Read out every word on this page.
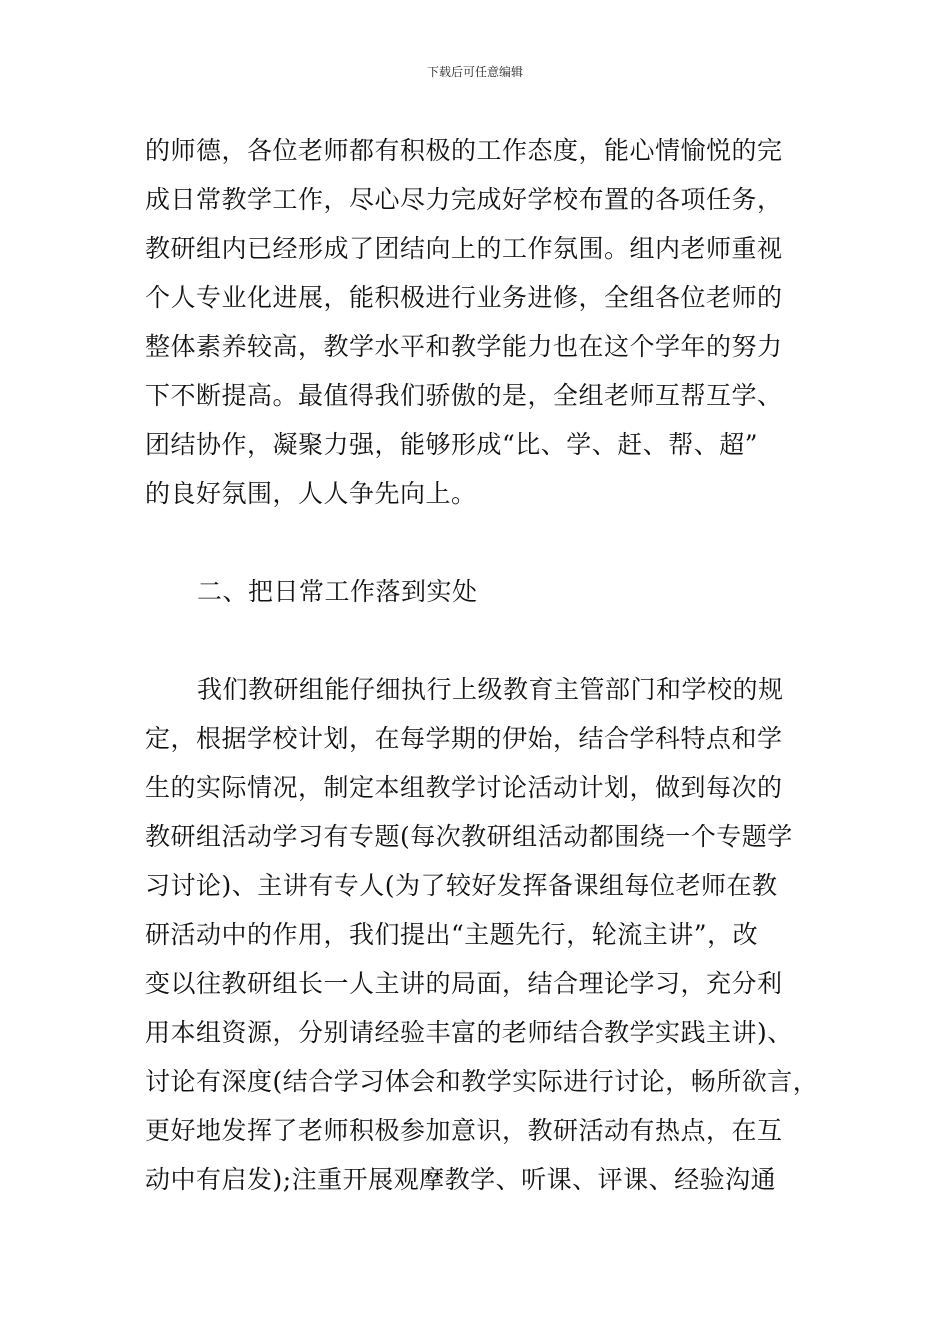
下载后可任意编辑
的师德，各位老师都有积极的工作态度，能心情愉悦的完
成日常教学工作，尽心尽力完成好学校布置的各项任务，
教研组内已经形成了团结向上的工作氛围。组内老师重视
个人专业化进展，能积极进行业务进修，全组各位老师的
整体素养较高，教学水平和教学能力也在这个学年的努力
下不断提高。最值得我们骄傲的是，全组老师互帮互学、
团结协作，凝聚力强，能够形成“比、学、赶、帮、超”
的良好氛围，人人争先向上。
二、把日常工作落到实处
我们教研组能仔细执行上级教育主管部门和学校的规
定，根据学校计划，在每学期的伊始，结合学科特点和学
生的实际情况，制定本组教学讨论活动计划，做到每次的
教研组活动学习有专题(每次教研组活动都围绕一个专题学
习讨论)、主讲有专人(为了较好发挥备课组每位老师在教
研活动中的作用，我们提出“主题先行，轮流主讲”，改
变以往教研组长一人主讲的局面，结合理论学习，充分利
用本组资源，分别请经验丰富的老师结合教学实践主讲)、
讨论有深度(结合学习体会和教学实际进行讨论，畅所欲言，
更好地发挥了老师积极参加意识，教研活动有热点，在互
动中有启发);注重开展观摩教学、听课、评课、经验沟通
